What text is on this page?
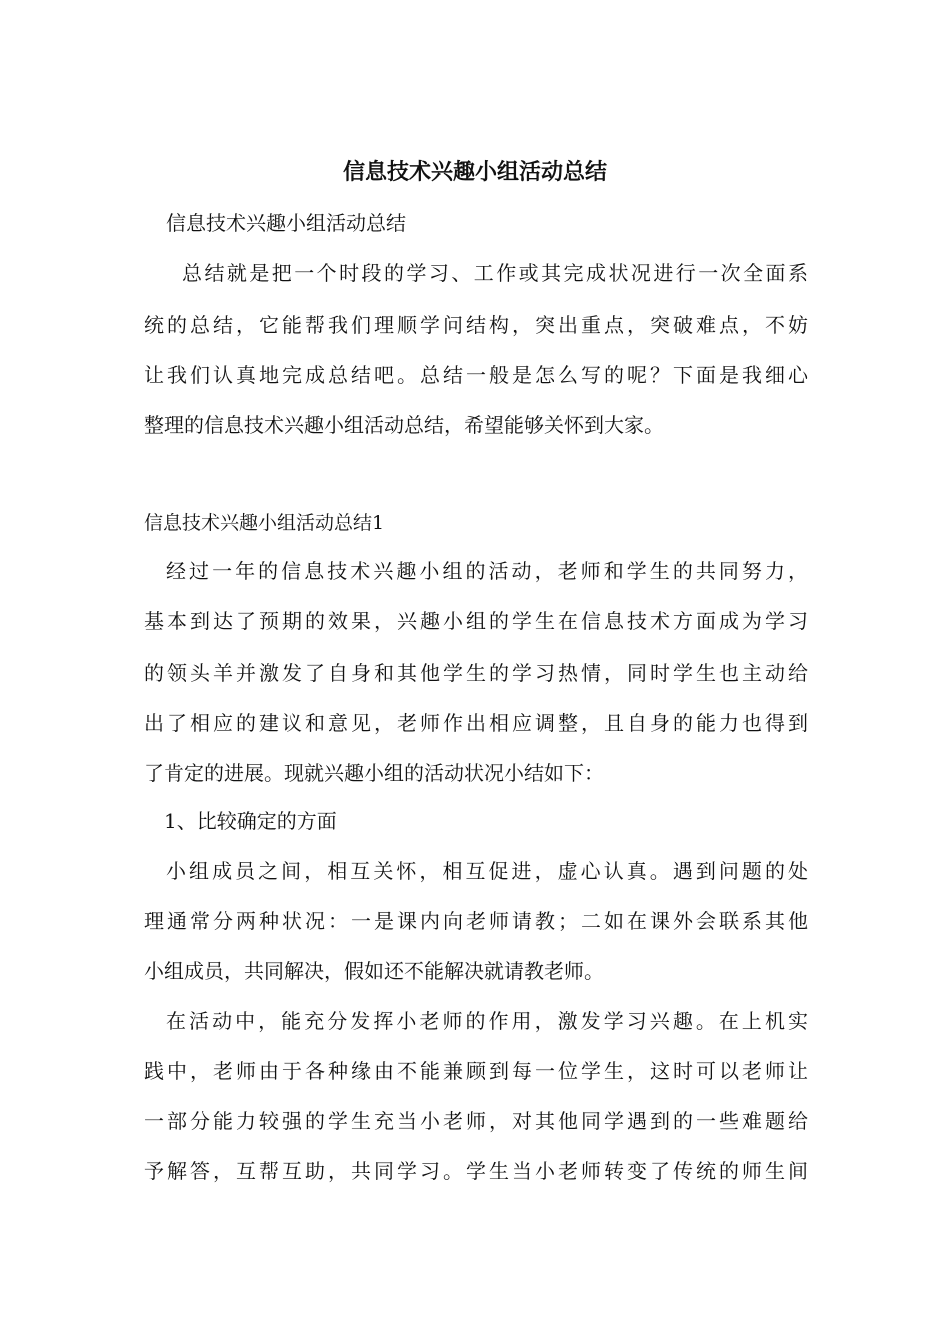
信息技术兴趣小组活动总结
信息技术兴趣小组活动总结
总结就是把一个时段的学习、工作或其完成状况进行一次全面系
统的总结，它能帮我们理顺学问结构，突出重点，突破难点，不妨
让我们认真地完成总结吧。总结一般是怎么写的呢？下面是我细心
整理的信息技术兴趣小组活动总结，希望能够关怀到大家。
信息技术兴趣小组活动总结1
经过一年的信息技术兴趣小组的活动，老师和学生的共同努力，
基本到达了预期的效果，兴趣小组的学生在信息技术方面成为学习
的领头羊并激发了自身和其他学生的学习热情，同时学生也主动给
出了相应的建议和意见，老师作出相应调整，且自身的能力也得到
了肯定的进展。现就兴趣小组的活动状况小结如下：
1、比较确定的方面
小组成员之间，相互关怀，相互促进，虚心认真。遇到问题的处
理通常分两种状况：一是课内向老师请教；二如在课外会联系其他
小组成员，共同解决，假如还不能解决就请教老师。
在活动中，能充分发挥小老师的作用，激发学习兴趣。在上机实
践中，老师由于各种缘由不能兼顾到每一位学生，这时可以老师让
一部分能力较强的学生充当小老师，对其他同学遇到的一些难题给
予解答，互帮互助，共同学习。学生当小老师转变了传统的师生间
